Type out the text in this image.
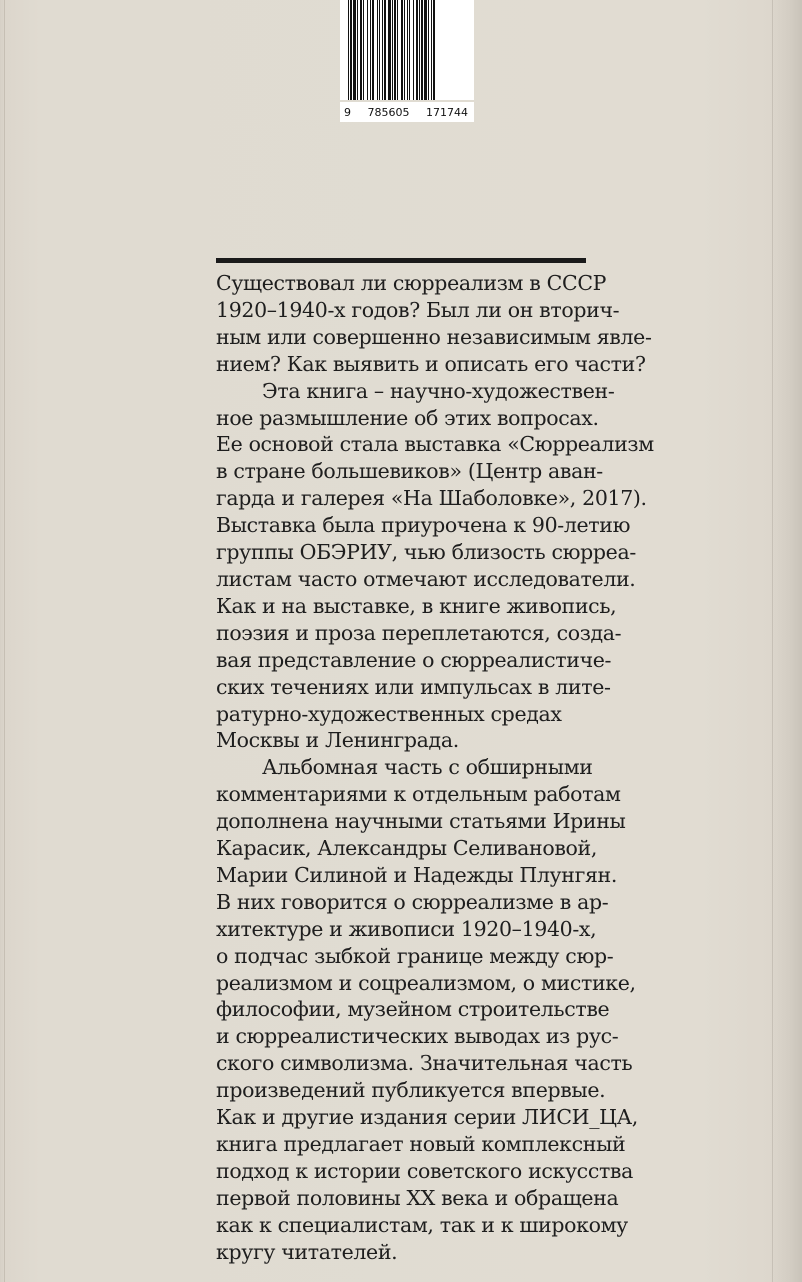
9 785605 171744

Существовал ли сюрреализм в СССР
1920–1940-х годов? Был ли он вторич-
ным или совершенно независимым явле-
нием? Как выявить и описать его части?

Эта книга – научно-художествен-
ное размышление об этих вопросах.
Ее основой стала выставка «Сюрреализм
в стране большевиков» (Центр аван-
гарда и галерея «На Шаболовке», 2017).
Выставка была приурочена к 90-летию
группы ОБЭРИУ, чью близость сюрреа-
листам часто отмечают исследователи.
Как и на выставке, в книге живопись,
поэзия и проза переплетаются, созда-
вая представление о сюрреалистиче-
ских течениях или импульсах в лите-
ратурно-художественных средах
Москвы и Ленинграда.

Альбомная часть с обширными
комментариями к отдельным работам
дополнена научными статьями Ирины
Карасик, Александры Селивановой,
Марии Силиной и Надежды Плунгян.
В них говорится о сюрреализме в ар-
хитектуре и живописи 1920–1940-х,
о подчас зыбкой границе между сюр-
реализмом и соцреализмом, о мистике,
философии, музейном строительстве
и сюрреалистических выводах из рус-
ского символизма. Значительная часть
произведений публикуется впервые.
Как и другие издания серии ЛИСИ_ЦА,
книга предлагает новый комплексный
подход к истории советского искусства
первой половины XX века и обращена
как к специалистам, так и к широкому
кругу читателей.
